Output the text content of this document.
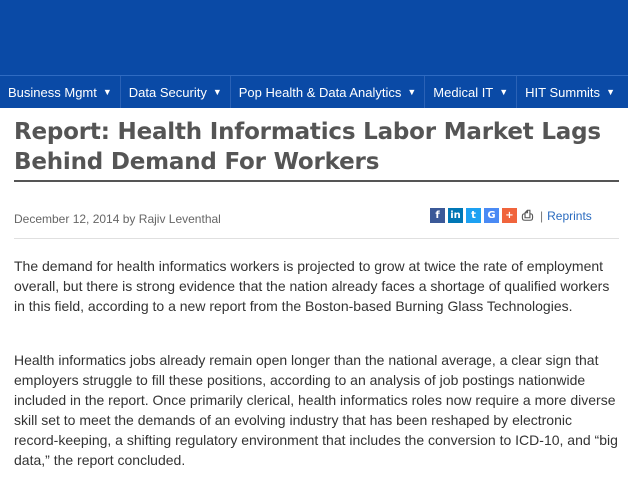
Business Mgmt ▼ Data Security ▼ Pop Health & Data Analytics ▼ Medical IT ▼ HIT Summits ▼
Report: Health Informatics Labor Market Lags Behind Demand For Workers
December 12, 2014 by Rajiv Leventhal	f	in	t	G + ⎙ | Reprints

The demand for health informatics workers is projected to grow at twice the rate of employment overall, but there is strong evidence that the nation already faces a shortage of qualified workers in this field, according to a new report from the Boston-based Burning Glass Technologies.

Health informatics jobs already remain open longer than the national average, a clear sign that employers struggle to fill these positions, according to an analysis of job postings nationwide included in the report. Once primarily clerical, health informatics roles now require a more diverse skill set to meet the demands of an evolving industry that has been reshaped by electronic record-keeping, a shifting regulatory environment that includes the conversion to ICD-10, and “big data,” the report concluded.
